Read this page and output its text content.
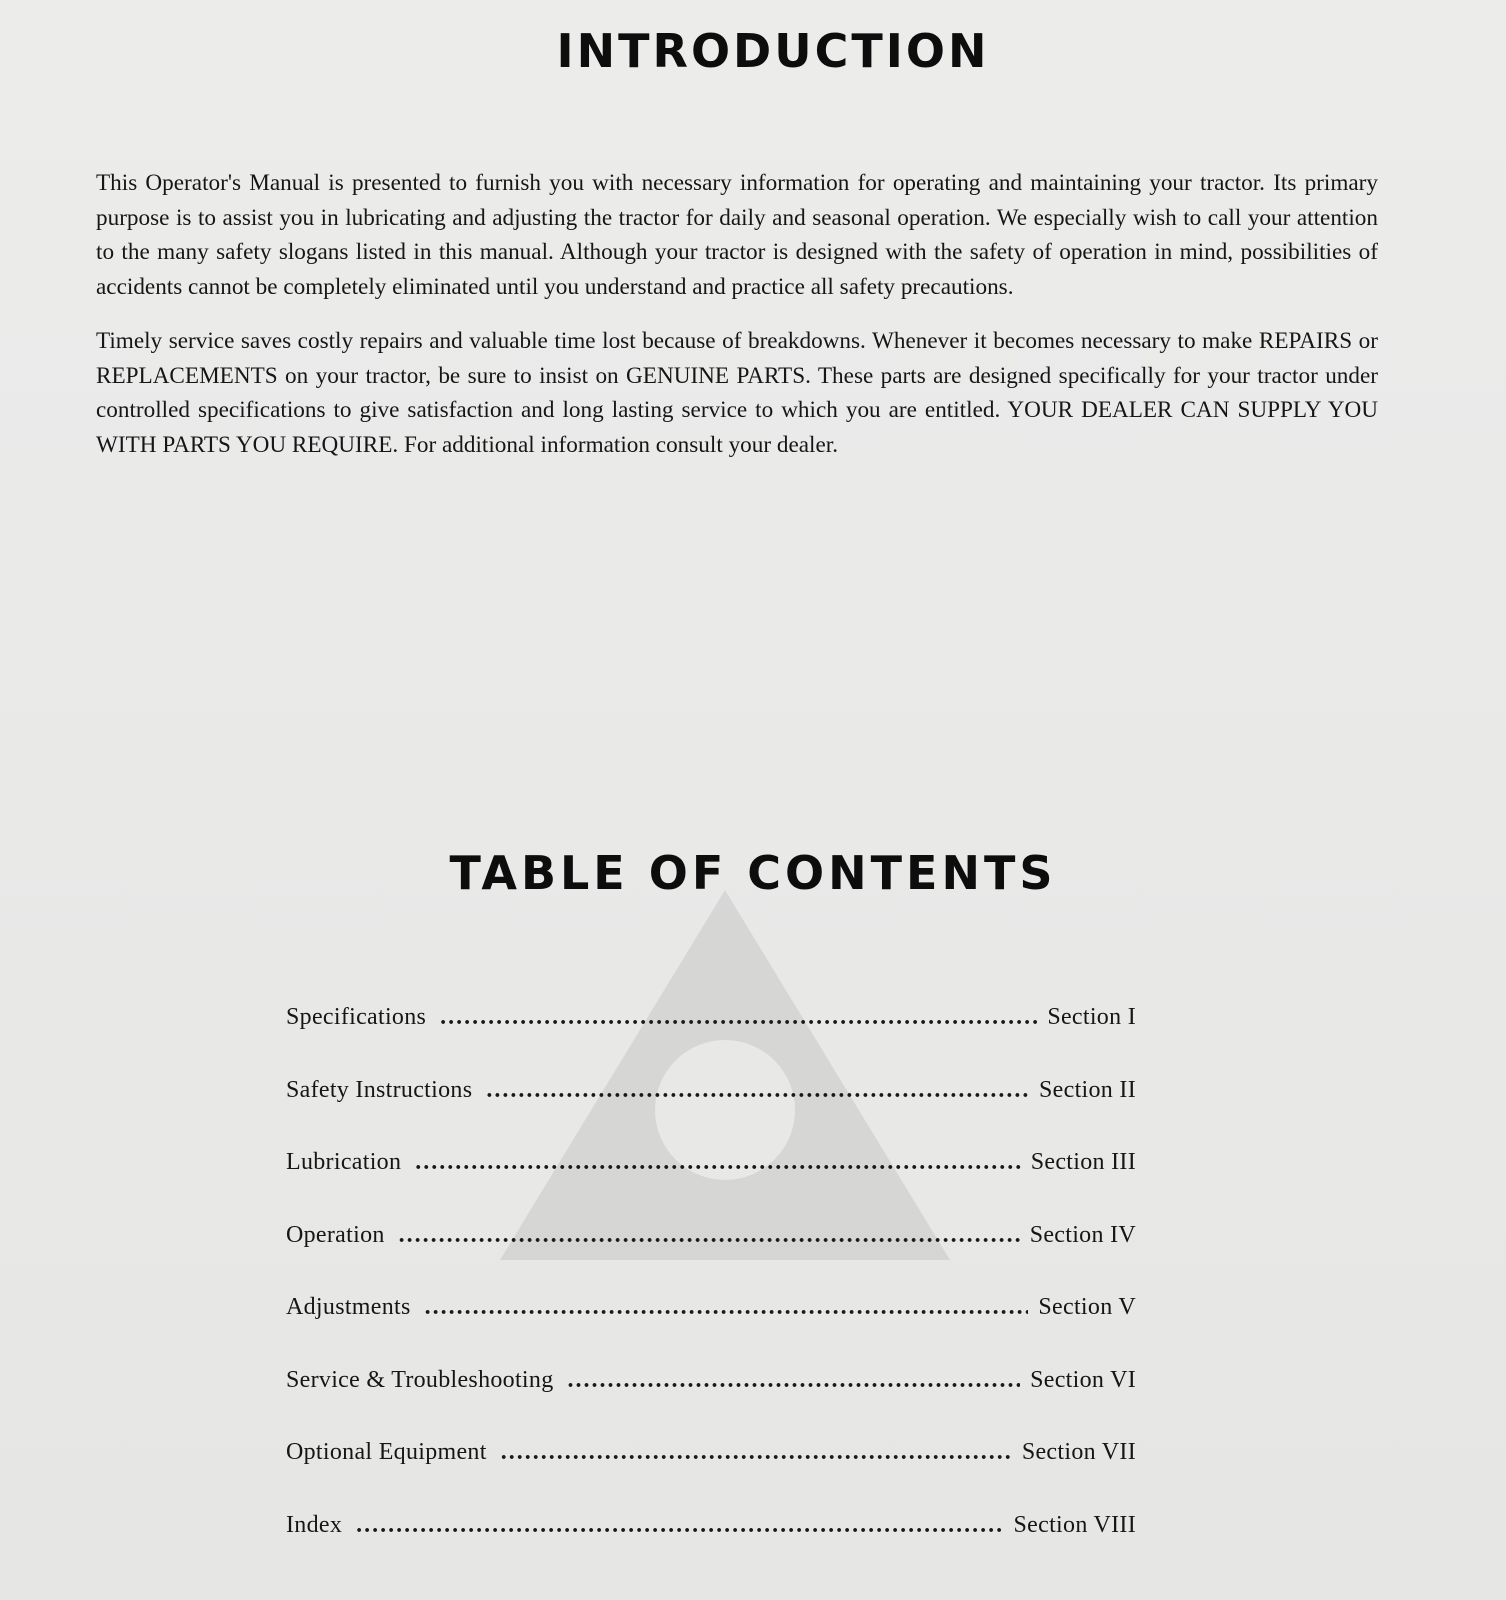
INTRODUCTION

This Operator's Manual is presented to furnish you with necessary information for operating and maintaining your tractor. Its primary purpose is to assist you in lubricating and adjusting the tractor for daily and seasonal operation. We especially wish to call your attention to the many safety slogans listed in this manual. Although your tractor is designed with the safety of operation in mind, possibilities of accidents cannot be completely eliminated until you understand and practice all safety precautions.

Timely service saves costly repairs and valuable time lost because of breakdowns. Whenever it becomes necessary to make REPAIRS or REPLACEMENTS on your tractor, be sure to insist on GENUINE PARTS. These parts are designed specifically for your tractor under controlled specifications to give satisfaction and long lasting service to which you are entitled. YOUR DEALER CAN SUPPLY YOU WITH PARTS YOU REQUIRE. For additional information consult your dealer.

TABLE OF CONTENTS
Specifications . . .	Section I
Safety Instructions . . .	Section II
Lubrication . . .	Section III
Operation . . .	Section IV
Adjustments . . .	Section V
Service & Troubleshooting . . .	Section VI
Optional Equipment . . .	Section VII
Index . . .	Section VIII
